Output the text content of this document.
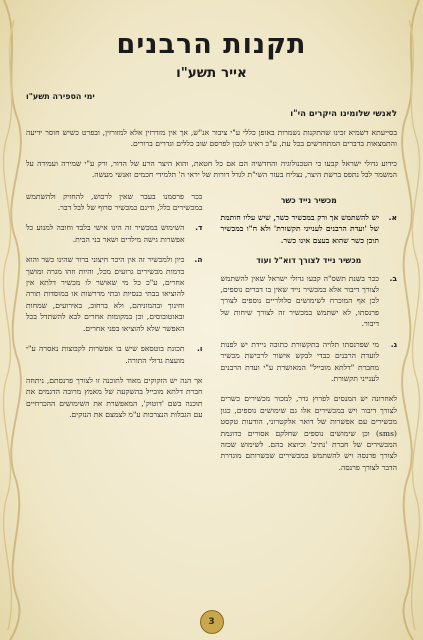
תקנות הרבנים
אייר תשע"ו
ימי הספירה תשע"ו
לאנשי שלומינו היקרים הי"ו
בסייעתא דשמיא זכינו שהתקנות נשמרות באופן כללי ע"י ציבור אנ"ש, אך אין מזדרזין אלא למזורזין, ובפרט כשיש חוסר ידיעה והתמצאות בדברים המתחדשים בכל עת, ע"כ ראינו לנכון לפרסם שוב כללים וגדרים ברורים.
כידוע גדולי ישראל קבעו כי הטכנולוגיה והחדשיה הם אם כל חטאת, והוא היצר הרע של הדור, ורק ע"י שמירה ועמידה על המשמר לבל נתפס ברשת היצר, נצליח בעזר השי"ת לגדל דורות של יראי ה' תלמידי חכמים ואנשי מעשה.
מכשיר נייד כשר
א.
יש להשתמש אך ורק במכשיר כשר, שיש עליו חותמת של 'ועדת הרבנים לענייני תקשורת' ולא ח"ו במכשיר תוכן כשר שהוא בעצם אינו כשר.
מכשיר נייד לצורך דוא"ל ועוד
ב.
ככר בשנת תשס"ה קבעו גדולי ישראל שאין להשתמש לצורך דיבור אלא במכשיר נייד שאין בו דברים נוספים, לכן אף המוכרח לשימושים סלולריים נוספים לצורך פרנסתו, לא ישתמש במכשיר זה לצורך שיחות של דיבור.
ג.
מי שפרנסתו תלויה בתקשורת כתובה ניידת יש לפנות לועדת הרבנים כבדי לבקש אישור לרכישת מכשיר מחברת "דלתא מובייל" המאושרת ע"י ועדת הרבנים לענייני תקשורת.
לאחרונה יש המנסים לפרוץ גדר, למכור מכשירים כשרים לצורך דיבור ויש במכשירים אלו גם שימושים נוספים, כגון מכשירים עם אפשרות של דואר אלקטרוני, הודעות טקסט (sms) וכן שימושים נוספים שחלקם אסורים כדוגמת המכשירים של חברת 'נתיב' וכיוצא בהם. לשימוש שכזה לצורך פרנסה ויש להשתמש במכשירים שכשרותם מוגדרת הדבר לצורך פרנסה.
ככר פרסמנו בעבר שאין לרכוש, להחזיק ולהשתמש במכשירים כלל, ודינם כמכשיר סרוף של לבל דבר.
ד.
השימוש במכשיר זה הינו אישי בלבד וחובה למנוע כל אפשרות גישה מילדים ושאר בני הבית.
ה.
כיון ולמכשיר זה אין היכר חיצוני ברור שהינו כשר והוא כדמות מכשירים גרועים מכל, והיות וזהו מגרה ומושך אחרים, ע"כ כל מי שאושר לו מכשיר דלתא אין להוציאו בבתי כנסיות ובתי מדרשות או במוסדות תורה וחינוך ובהמוניהם, ולא ברחוב, באירועים, שמחות ובאוטובוסים, וכן במקומות אחרים לבא להשתדל בכל האפשר שלא להוציאו בפני אחרים.
ו.
תכונת בוטסאפ שיש בו אפשרות לקבוצות נאסרה ע"י מועצת גדולי התורה.
אך הנה יש הזקוקים מאוד לתוכנה זו לצורך פרנסתם, ניתחה חברת דלתא מובייל בהשקעה של מאמץ מרובה הדגמים את תוכנה בשם 'דוטוק', המאפשרת את השימושים ההכרחיים עם הגבלות הנצרכות ע"מ לצמצם את הנזקים.
3
